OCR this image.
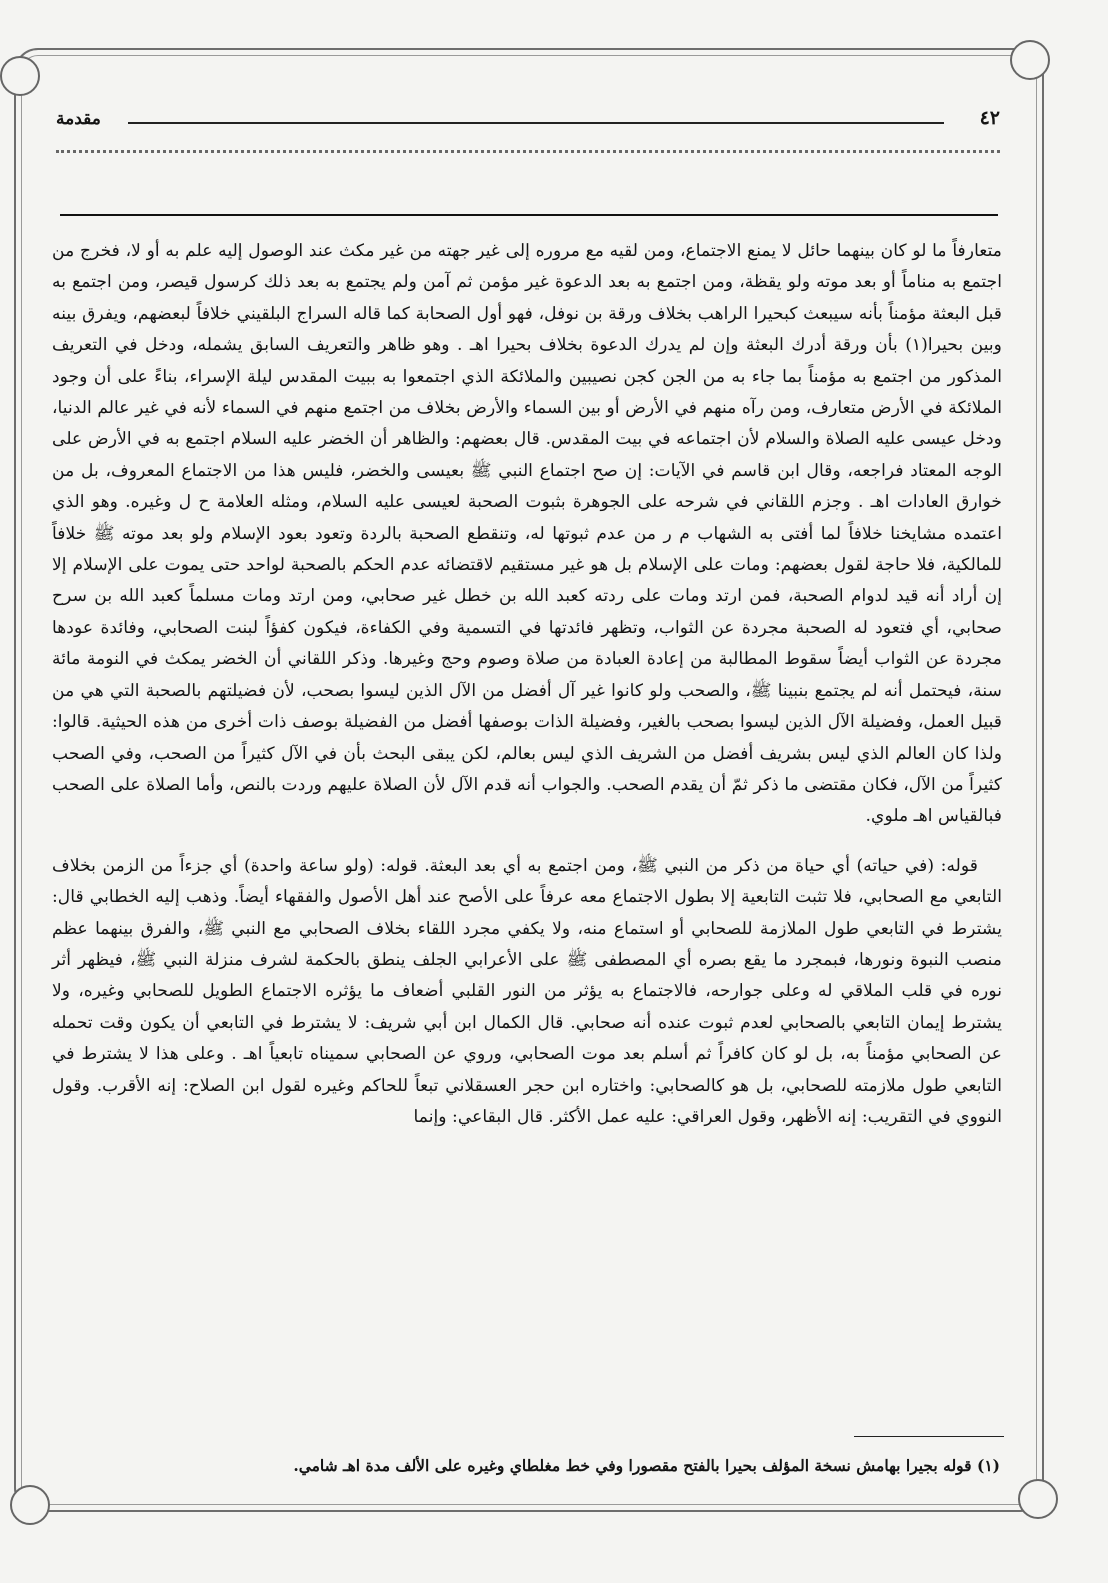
٤٢
مقدمة

متعارفاً ما لو كان بينهما حائل لا يمنع الاجتماع، ومن لقيه مع مروره إلى غير جهته من غير مكث عند الوصول إليه علم به أو لا، فخرج من اجتمع به مناماً أو بعد موته ولو يقظة، ومن اجتمع به بعد الدعوة غير مؤمن ثم آمن ولم يجتمع به بعد ذلك كرسول قيصر، ومن اجتمع به قبل البعثة مؤمناً بأنه سيبعث كبحيرا الراهب بخلاف ورقة بن نوفل، فهو أول الصحابة كما قاله السراج البلقيني خلافاً لبعضهم، ويفرق بينه وبين بحيرا(١) بأن ورقة أدرك البعثة وإن لم يدرك الدعوة بخلاف بحيرا اهـ . وهو ظاهر والتعريف السابق يشمله، ودخل في التعريف المذكور من اجتمع به مؤمناً بما جاء به من الجن كجن نصيبين والملائكة الذي اجتمعوا به ببيت المقدس ليلة الإسراء، بناءً على أن وجود الملائكة في الأرض متعارف، ومن رآه منهم في الأرض أو بين السماء والأرض بخلاف من اجتمع منهم في السماء لأنه في غير عالم الدنيا، ودخل عيسى عليه الصلاة والسلام لأن اجتماعه في بيت المقدس. قال بعضهم: والظاهر أن الخضر عليه السلام اجتمع به في الأرض على الوجه المعتاد فراجعه، وقال ابن قاسم في الآيات: إن صح اجتماع النبي ﷺ بعيسى والخضر، فليس هذا من الاجتماع المعروف، بل من خوارق العادات اهـ . وجزم اللقاني في شرحه على الجوهرة بثبوت الصحبة لعيسى عليه السلام، ومثله العلامة ح ل وغيره. وهو الذي اعتمده مشايخنا خلافاً لما أفتى به الشهاب م ر من عدم ثبوتها له، وتنقطع الصحبة بالردة وتعود بعود الإسلام ولو بعد موته ﷺ خلافاً للمالكية، فلا حاجة لقول بعضهم: ومات على الإسلام بل هو غير مستقيم لاقتضائه عدم الحكم بالصحبة لواحد حتى يموت على الإسلام إلا إن أراد أنه قيد لدوام الصحبة، فمن ارتد ومات على ردته كعبد الله بن خطل غير صحابي، ومن ارتد ومات مسلماً كعبد الله بن سرح صحابي، أي فتعود له الصحبة مجردة عن الثواب، وتظهر فائدتها في التسمية وفي الكفاءة، فيكون كفؤاً لبنت الصحابي، وفائدة عودها مجردة عن الثواب أيضاً سقوط المطالبة من إعادة العبادة من صلاة وصوم وحج وغيرها. وذكر اللقاني أن الخضر يمكث في النومة مائة سنة، فيحتمل أنه لم يجتمع بنبينا ﷺ، والصحب ولو كانوا غير آل أفضل من الآل الذين ليسوا بصحب، لأن فضيلتهم بالصحبة التي هي من قبيل العمل، وفضيلة الآل الذين ليسوا بصحب بالغير، وفضيلة الذات بوصفها أفضل من الفضيلة بوصف ذات أخرى من هذه الحيثية. قالوا: ولذا كان العالم الذي ليس بشريف أفضل من الشريف الذي ليس بعالم، لكن يبقى البحث بأن في الآل كثيراً من الصحب، وفي الصحب كثيراً من الآل، فكان مقتضى ما ذكر ثمّ أن يقدم الصحب. والجواب أنه قدم الآل لأن الصلاة عليهم وردت بالنص، وأما الصلاة على الصحب فبالقياس اهـ ملوي.

قوله: (في حياته) أي حياة من ذكر من النبي ﷺ، ومن اجتمع به أي بعد البعثة. قوله: (ولو ساعة واحدة) أي جزءاً من الزمن بخلاف التابعي مع الصحابي، فلا تثبت التابعية إلا بطول الاجتماع معه عرفاً على الأصح عند أهل الأصول والفقهاء أيضاً. وذهب إليه الخطابي قال: يشترط في التابعي طول الملازمة للصحابي أو استماع منه، ولا يكفي مجرد اللقاء بخلاف الصحابي مع النبي ﷺ، والفرق بينهما عظم منصب النبوة ونورها، فبمجرد ما يقع بصره أي المصطفى ﷺ على الأعرابي الجلف ينطق بالحكمة لشرف منزلة النبي ﷺ، فيظهر أثر نوره في قلب الملاقي له وعلى جوارحه، فالاجتماع به يؤثر من النور القلبي أضعاف ما يؤثره الاجتماع الطويل للصحابي وغيره، ولا يشترط إيمان التابعي بالصحابي لعدم ثبوت عنده أنه صحابي. قال الكمال ابن أبي شريف: لا يشترط في التابعي أن يكون وقت تحمله عن الصحابي مؤمناً به، بل لو كان كافراً ثم أسلم بعد موت الصحابي، وروي عن الصحابي سميناه تابعياً اهـ . وعلى هذا لا يشترط في التابعي طول ملازمته للصحابي، بل هو كالصحابي: واختاره ابن حجر العسقلاني تبعاً للحاكم وغيره لقول ابن الصلاح: إنه الأقرب. وقول النووي في التقريب: إنه الأظهر، وقول العراقي: عليه عمل الأكثر. قال البقاعي: وإنما

(١) قوله بجيرا بهامش نسخة المؤلف بحيرا بالفتح مقصورا وفي خط مغلطاي وغيره على الألف مدة اهـ شامي.
